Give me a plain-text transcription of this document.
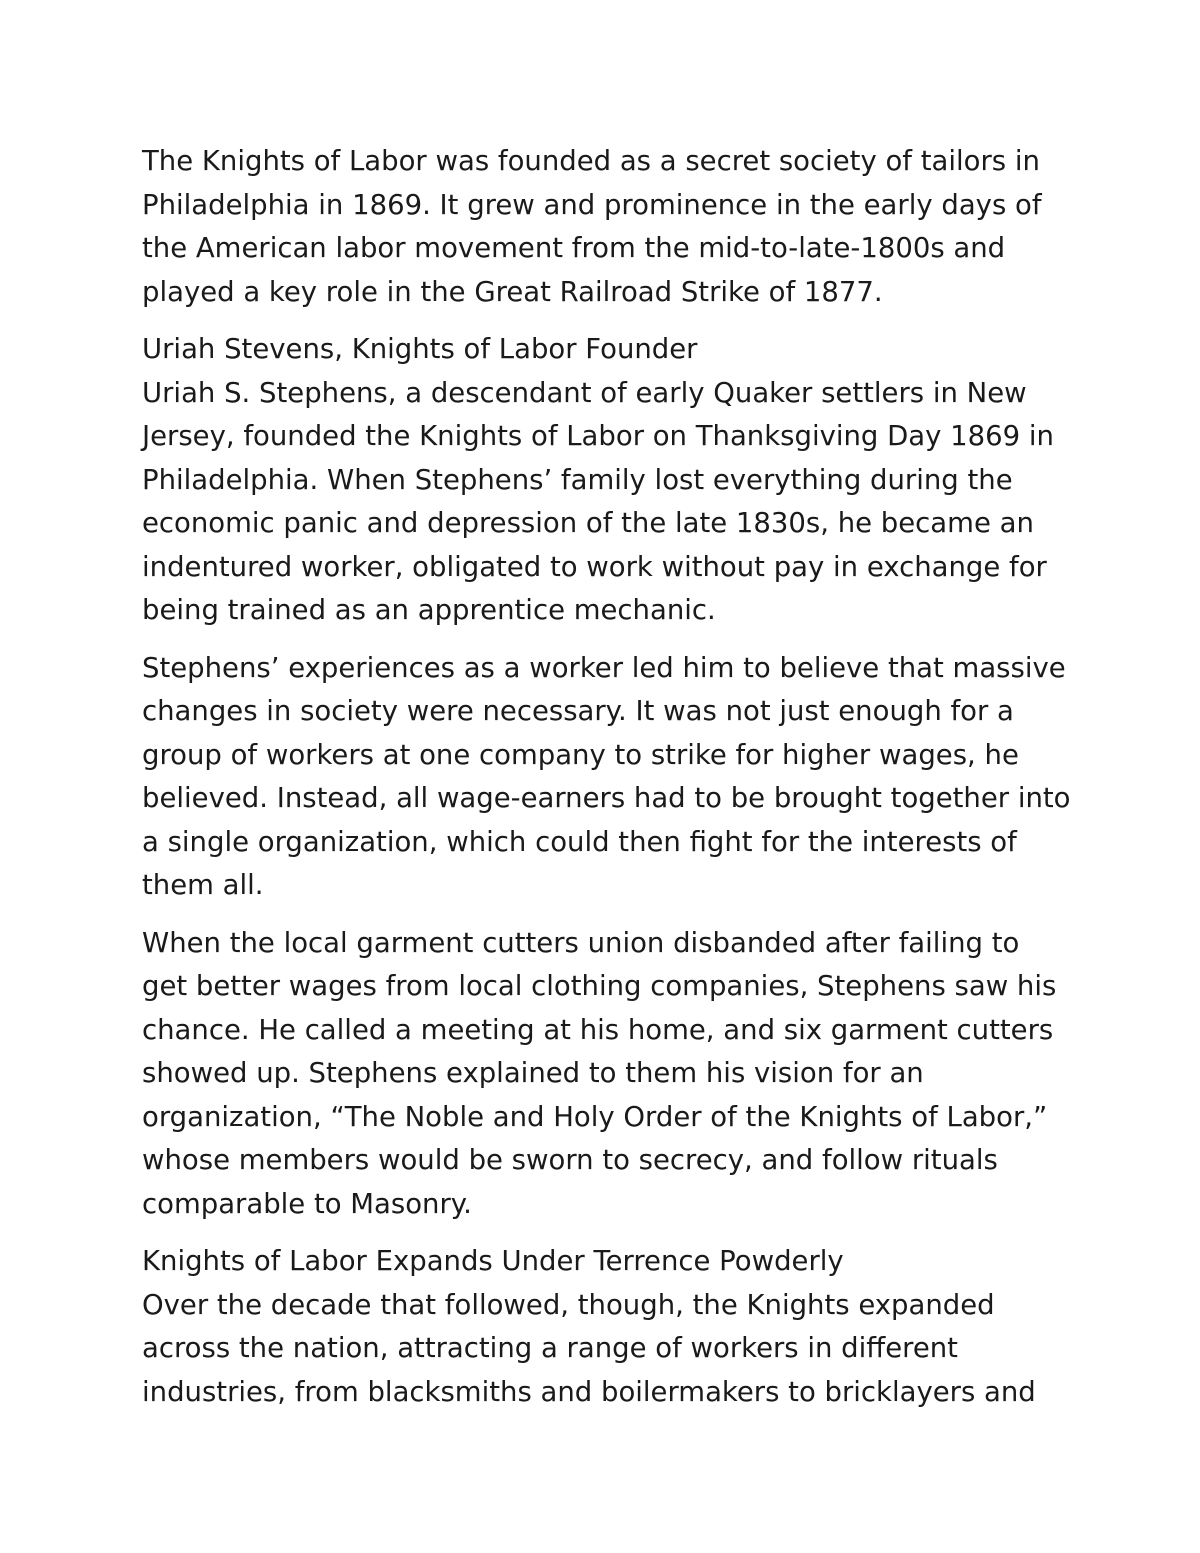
The Knights of Labor was founded as a secret society of tailors in
Philadelphia in 1869. It grew and prominence in the early days of
the American labor movement from the mid-to-late-1800s and
played a key role in the Great Railroad Strike of 1877.

Uriah Stevens, Knights of Labor Founder
Uriah S. Stephens, a descendant of early Quaker settlers in New
Jersey, founded the Knights of Labor on Thanksgiving Day 1869 in
Philadelphia. When Stephens’ family lost everything during the
economic panic and depression of the late 1830s, he became an
indentured worker, obligated to work without pay in exchange for
being trained as an apprentice mechanic.

Stephens’ experiences as a worker led him to believe that massive
changes in society were necessary. It was not just enough for a
group of workers at one company to strike for higher wages, he
believed. Instead, all wage-earners had to be brought together into
a single organization, which could then fight for the interests of
them all.

When the local garment cutters union disbanded after failing to
get better wages from local clothing companies, Stephens saw his
chance. He called a meeting at his home, and six garment cutters
showed up. Stephens explained to them his vision for an
organization, “The Noble and Holy Order of the Knights of Labor,”
whose members would be sworn to secrecy, and follow rituals
comparable to Masonry.

Knights of Labor Expands Under Terrence Powderly
Over the decade that followed, though, the Knights expanded
across the nation, attracting a range of workers in different
industries, from blacksmiths and boilermakers to bricklayers and
